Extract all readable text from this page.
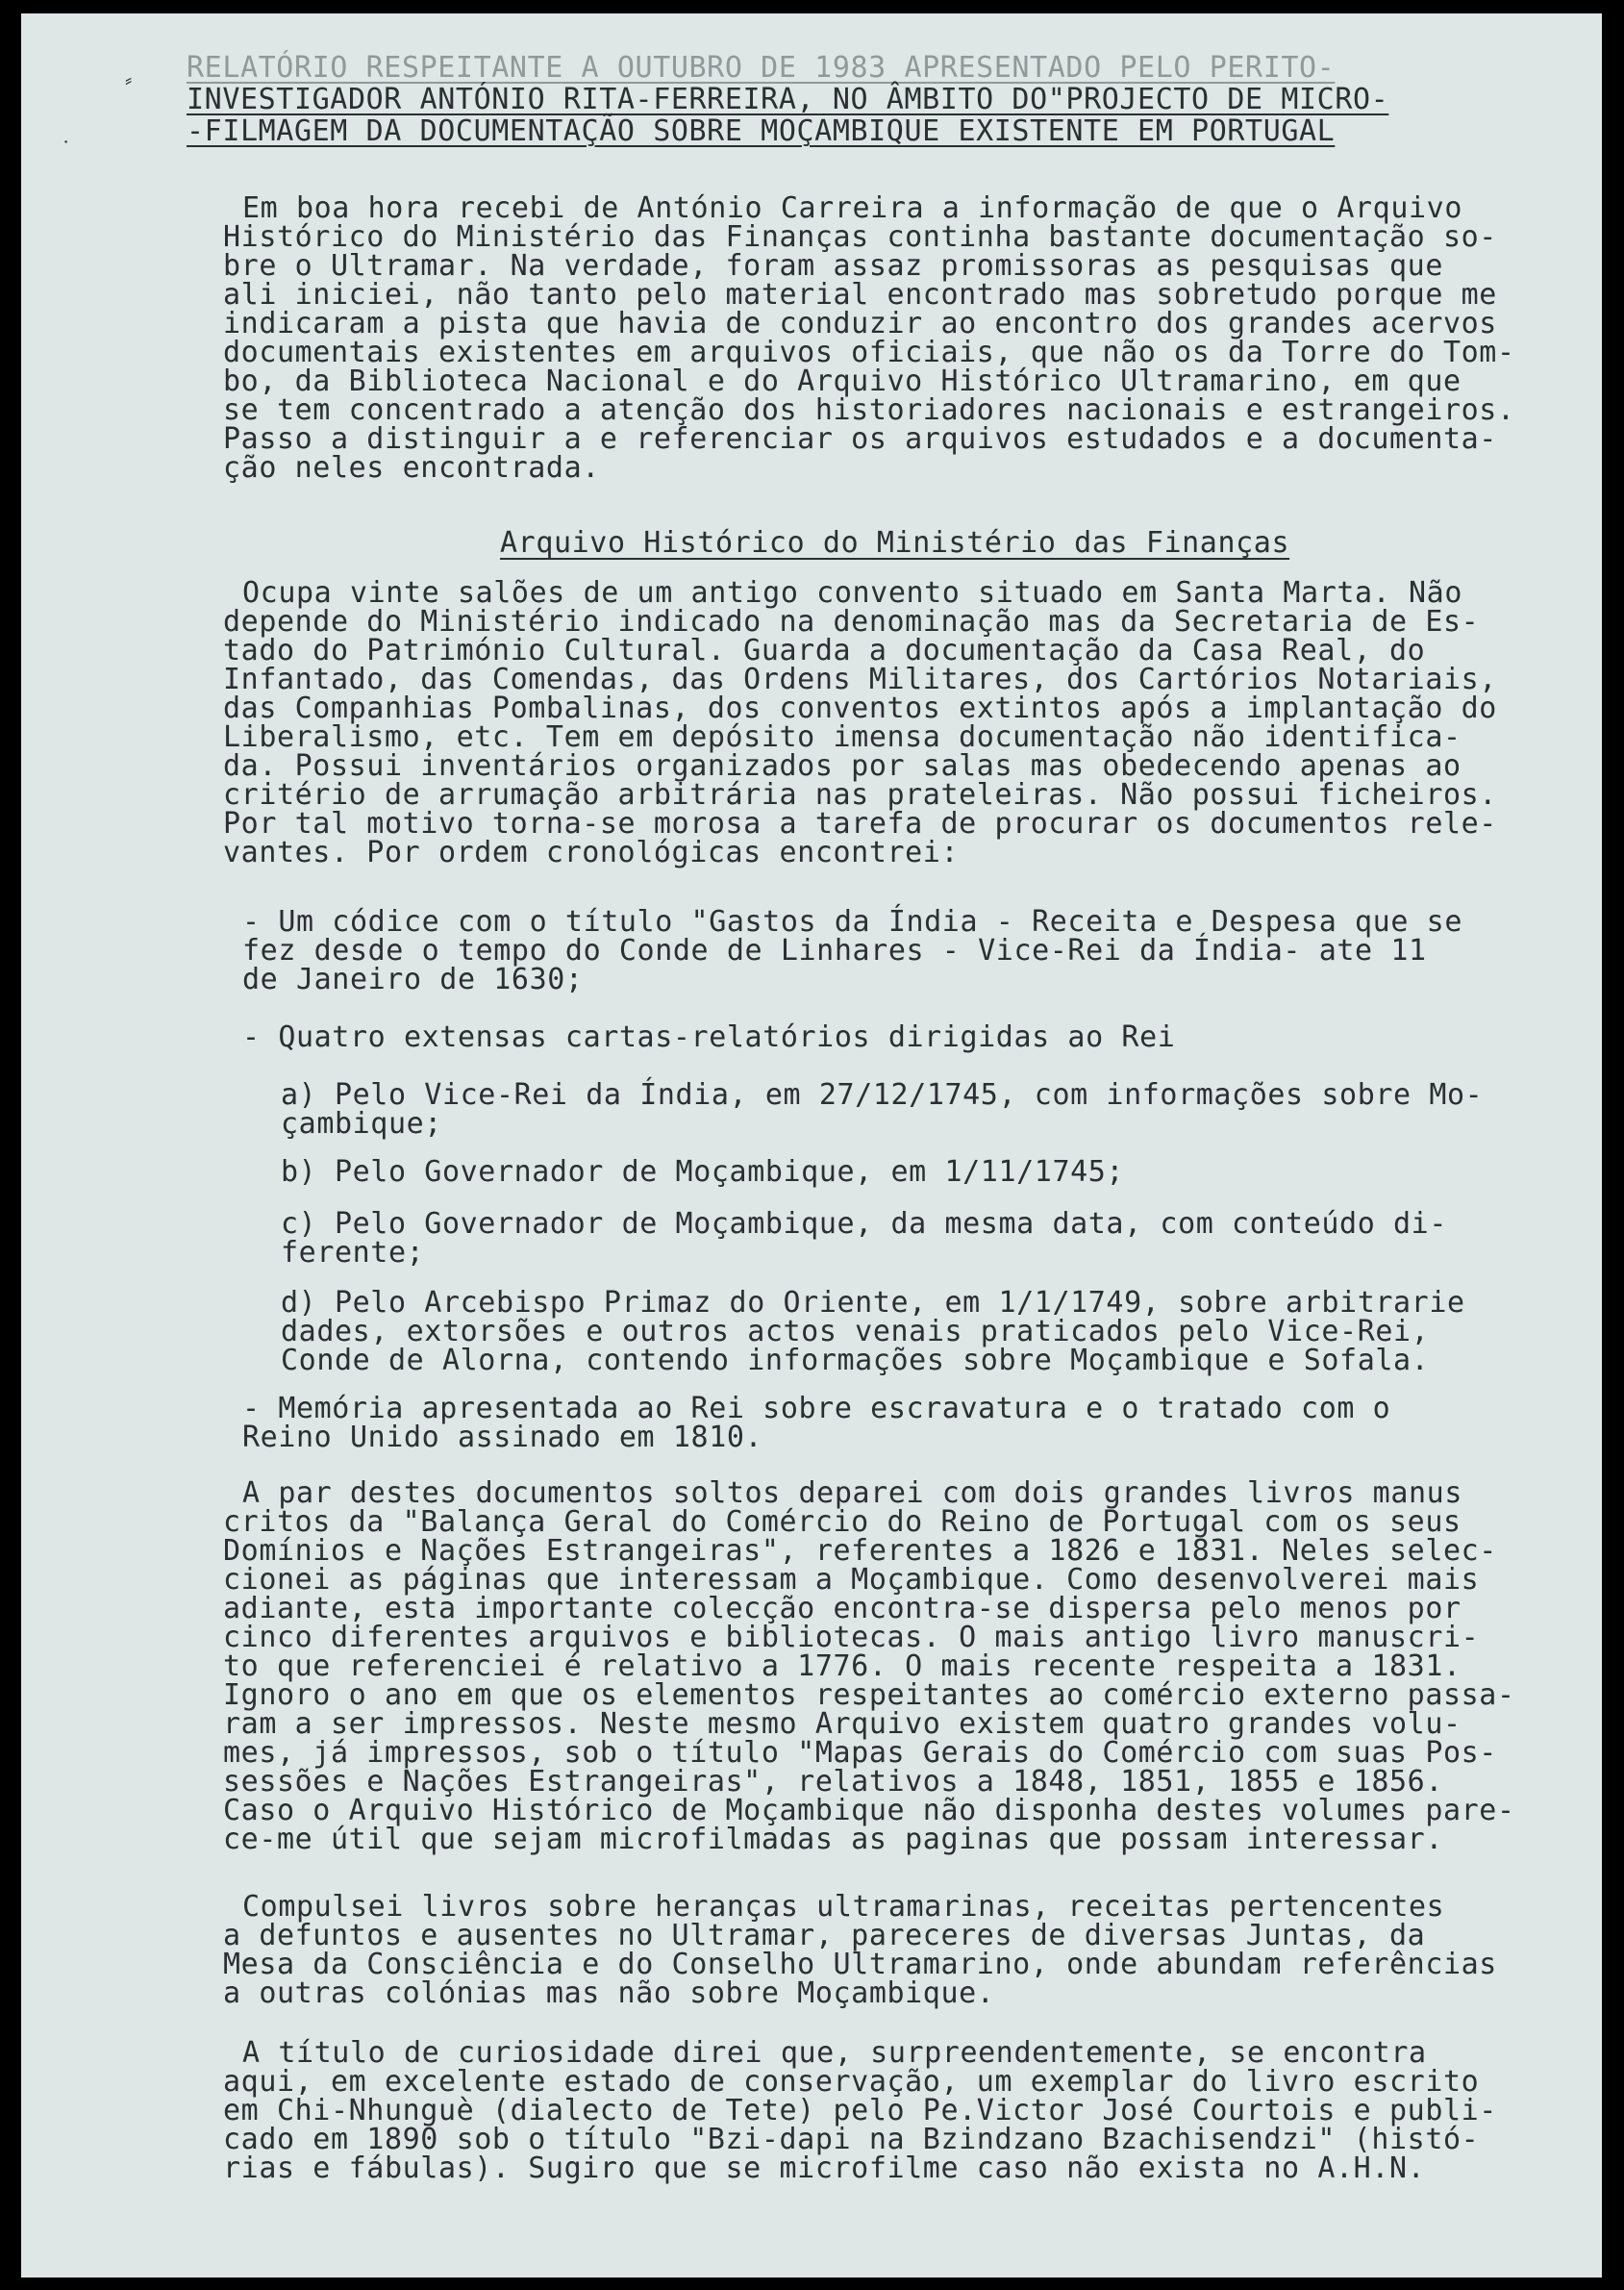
⸗
˙
RELATÓRIO RESPEITANTE A OUTUBRO DE 1983 APRESENTADO PELO PERITO-
INVESTIGADOR ANTÓNIO RITA-FERREIRA, NO ÂMBITO DO"PROJECTO DE MICRO-
-FILMAGEM DA DOCUMENTAÇÃO SOBRE MOÇAMBIQUE EXISTENTE EM PORTUGAL
Em boa hora recebi de António Carreira a informação de que o Arquivo
Histórico do Ministério das Finanças continha bastante documentação so-
bre o Ultramar. Na verdade, foram assaz promissoras as pesquisas que
ali iniciei, não tanto pelo material encontrado mas sobretudo porque me
indicaram a pista que havia de conduzir ao encontro dos grandes acervos
documentais existentes em arquivos oficiais, que não os da Torre do Tom-
bo, da Biblioteca Nacional e do Arquivo Histórico Ultramarino, em que
se tem concentrado a atenção dos historiadores nacionais e estrangeiros.
Passo a distinguir a e referenciar os arquivos estudados e a documenta-
ção neles encontrada.
Arquivo Histórico do Ministério das Finanças
Ocupa vinte salões de um antigo convento situado em Santa Marta. Não
depende do Ministério indicado na denominação mas da Secretaria de Es-
tado do Património Cultural. Guarda a documentação da Casa Real, do
Infantado, das Comendas, das Ordens Militares, dos Cartórios Notariais,
das Companhias Pombalinas, dos conventos extintos após a implantação do
Liberalismo, etc. Tem em depósito imensa documentação não identifica-
da. Possui inventários organizados por salas mas obedecendo apenas ao
critério de arrumação arbitrária nas prateleiras. Não possui ficheiros.
Por tal motivo torna-se morosa a tarefa de procurar os documentos rele-
vantes. Por ordem cronológicas encontrei:
- Um códice com o título "Gastos da Índia - Receita e Despesa que se
fez desde o tempo do Conde de Linhares - Vice-Rei da Índia- ate 11
de Janeiro de 1630;
- Quatro extensas cartas-relatórios dirigidas ao Rei
a) Pelo Vice-Rei da Índia, em 27/12/1745, com informações sobre Mo-
çambique;
b) Pelo Governador de Moçambique, em 1/11/1745;
c) Pelo Governador de Moçambique, da mesma data, com conteúdo di-
ferente;
d) Pelo Arcebispo Primaz do Oriente, em 1/1/1749, sobre arbitrarie
dades, extorsões e outros actos venais praticados pelo Vice-Rei,
Conde de Alorna, contendo informações sobre Moçambique e Sofala.
- Memória apresentada ao Rei sobre escravatura e o tratado com o
Reino Unido assinado em 1810.
A par destes documentos soltos deparei com dois grandes livros manus
critos da "Balança Geral do Comércio do Reino de Portugal com os seus
Domínios e Nações Estrangeiras", referentes a 1826 e 1831. Neles selec-
cionei as páginas que interessam a Moçambique. Como desenvolverei mais
adiante, esta importante colecção encontra-se dispersa pelo menos por
cinco diferentes arquivos e bibliotecas. O mais antigo livro manuscri-
to que referenciei é relativo a 1776. O mais recente respeita a 1831.
Ignoro o ano em que os elementos respeitantes ao comércio externo passa-
ram a ser impressos. Neste mesmo Arquivo existem quatro grandes volu-
mes, já impressos, sob o título "Mapas Gerais do Comércio com suas Pos-
sessões e Nações Estrangeiras", relativos a 1848, 1851, 1855 e 1856.
Caso o Arquivo Histórico de Moçambique não disponha destes volumes pare-
ce-me útil que sejam microfilmadas as paginas que possam interessar.
Compulsei livros sobre heranças ultramarinas, receitas pertencentes
a defuntos e ausentes no Ultramar, pareceres de diversas Juntas, da
Mesa da Consciência e do Conselho Ultramarino, onde abundam referências
a outras colónias mas não sobre Moçambique.
A título de curiosidade direi que, surpreendentemente, se encontra
aqui, em excelente estado de conservação, um exemplar do livro escrito
em Chi-Nhunguè (dialecto de Tete) pelo Pe.Victor José Courtois e publi-
cado em 1890 sob o título "Bzi-dapi na Bzindzano Bzachisendzi" (histó-
rias e fábulas). Sugiro que se microfilme caso não exista no A.H.N.
